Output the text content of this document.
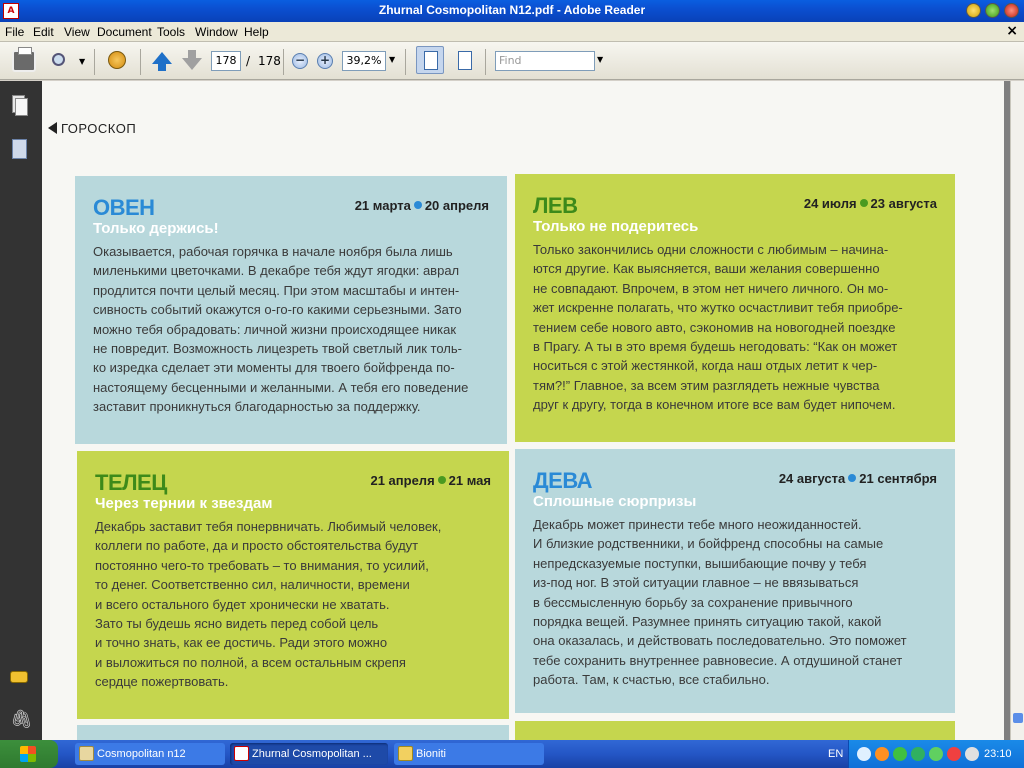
A	Zhurnal Cosmopolitan N12.pdf - Adobe Reader
File Edit View Document Tools Window Help	×
▼	178 / 178 − +	39,2% ▼	Find	▼
🖇
ГОРОСКОП
ОВЕН
Только держись!
21 марта 20 апреля
Оказывается, рабочая горячка в начале ноября была лишь
миленькими цветочками. В декабре тебя ждут ягодки: аврал
продлится почти целый месяц. При этом масштабы и интен-
сивность событий окажутся о-го-го какими серьезными. Зато
можно тебя обрадовать: личной жизни происходящее никак
не повредит. Возможность лицезреть твой светлый лик толь-
ко изредка сделает эти моменты для твоего бойфренда по-
настоящему бесценными и желанными. А тебя его поведение
заставит проникнуться благодарностью за поддержку.
ЛЕВ
Только не подеритесь
24 июля 23 августа
Только закончились одни сложности с любимым – начина-
ются другие. Как выясняется, ваши желания совершенно
не совпадают. Впрочем, в этом нет ничего личного. Он мо-
жет искренне полагать, что жутко осчастливит тебя приобре-
тением себе нового авто, сэкономив на новогодней поездке
в Прагу. А ты в это время будешь негодовать: “Как он может
носиться с этой жестянкой, когда наш отдых летит к чер-
тям?!” Главное, за всем этим разглядеть нежные чувства
друг к другу, тогда в конечном итоге все вам будет нипочем.
ТЕЛЕЦ
Через тернии к звездам
21 апреля 21 мая
Декабрь заставит тебя понервничать. Любимый человек,
коллеги по работе, да и просто обстоятельства будут
постоянно чего-то требовать – то внимания, то усилий,
то денег. Соответственно сил, наличности, времени
и всего остального будет хронически не хватать.
Зато ты будешь ясно видеть перед собой цель
и точно знать, как ее достичь. Ради этого можно
и выложиться по полной, а всем остальным скрепя
сердце пожертвовать.
ДЕВА
Сплошные сюрпризы
24 августа 21 сентября
Декабрь может принести тебе много неожиданностей.
И близкие родственники, и бойфренд способны на самые
непредсказуемые поступки, вышибающие почву у тебя
из-под ног. В этой ситуации главное – не ввязываться
в бессмысленную борьбу за сохранение привычного
порядка вещей. Разумнее принять ситуацию такой, какой
она оказалась, и действовать последовательно. Это поможет
тебе сохранить внутреннее равновесие. А отдушиной станет
работа. Там, к счастью, все стабильно.
Cosmopolitan n12	Zhurnal Cosmopolitan ...	Bioniti	EN	23:10
